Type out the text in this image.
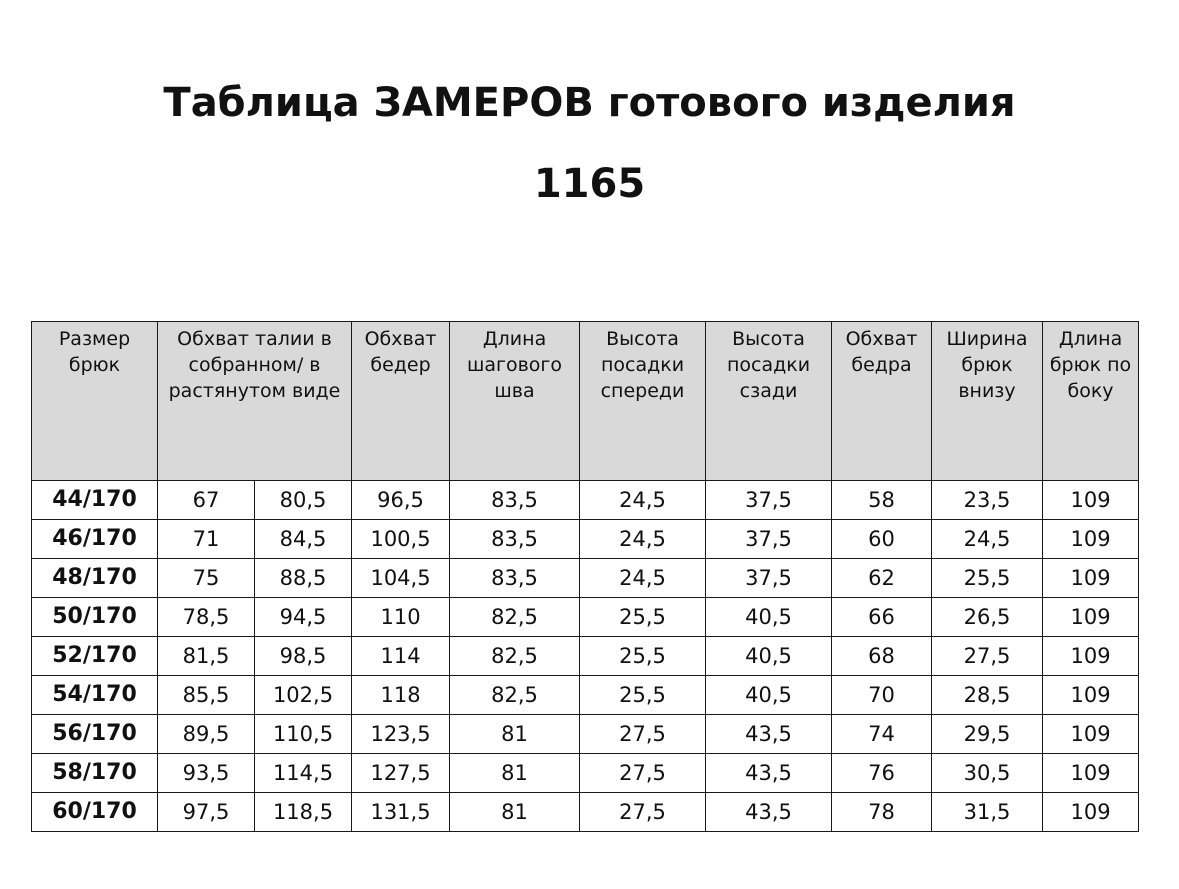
Таблица ЗАМЕРОВ готового изделия
1165
Размер брюк	Обхват талии в собранном/ в растянутом виде		Обхват бедер	Длина шагового шва	Высота посадки спереди	Высота посадки сзади	Обхват бедра	Ширина брюк внизу	Длина брюк по боку
44/170	67	80,5	96,5	83,5	24,5	37,5	58	23,5	109
46/170	71	84,5	100,5	83,5	24,5	37,5	60	24,5	109
48/170	75	88,5	104,5	83,5	24,5	37,5	62	25,5	109
50/170	78,5	94,5	110	82,5	25,5	40,5	66	26,5	109
52/170	81,5	98,5	114	82,5	25,5	40,5	68	27,5	109
54/170	85,5	102,5	118	82,5	25,5	40,5	70	28,5	109
56/170	89,5	110,5	123,5	81	27,5	43,5	74	29,5	109
58/170	93,5	114,5	127,5	81	27,5	43,5	76	30,5	109
60/170	97,5	118,5	131,5	81	27,5	43,5	78	31,5	109
